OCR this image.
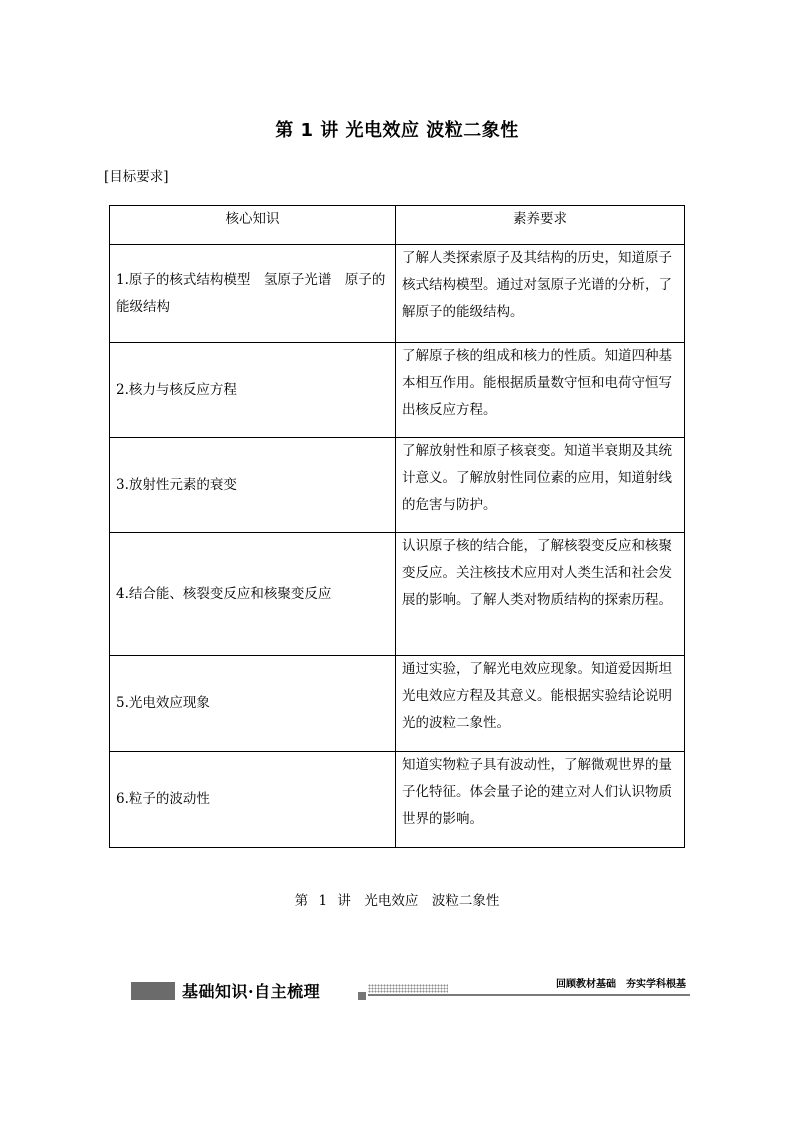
第 1 讲 光电效应 波粒二象性
[目标要求]
核心知识	素养要求
1.原子的核式结构模型　氢原子光谱　原子的能级结构	了解人类探索原子及其结构的历史，知道原子核式结构模型。通过对氢原子光谱的分析，了解原子的能级结构。
2.核力与核反应方程	了解原子核的组成和核力的性质。知道四种基本相互作用。能根据质量数守恒和电荷守恒写出核反应方程。
3.放射性元素的衰变	了解放射性和原子核衰变。知道半衰期及其统计意义。了解放射性同位素的应用，知道射线的危害与防护。
4.结合能、核裂变反应和核聚变反应	认识原子核的结合能，了解核裂变反应和核聚变反应。关注核技术应用对人类生活和社会发展的影响。了解人类对物质结构的探索历程。
5.光电效应现象	通过实验，了解光电效应现象。知道爱因斯坦光电效应方程及其意义。能根据实验结论说明光的波粒二象性。
6.粒子的波动性	知道实物粒子具有波动性，了解微观世界的量子化特征。体会量子论的建立对人们认识物质世界的影响。
第 1 讲　光电效应　波粒二象性
基础知识·自主梳理	回顾教材基础　夯实学科根基
